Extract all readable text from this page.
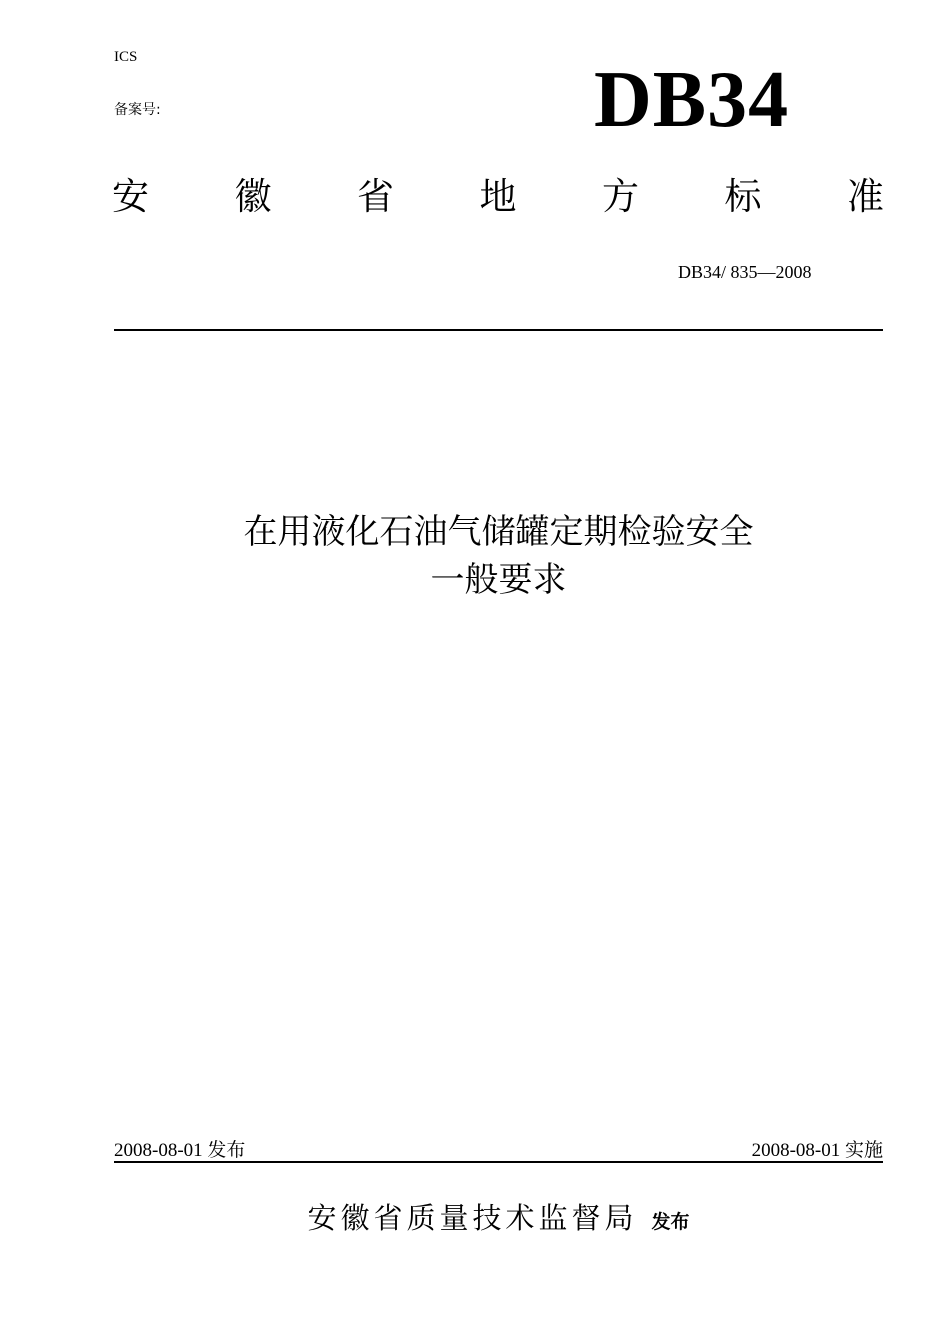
ICS
备案号:	DB34
安 徽 省 地 方 标 准
DB34/ 835—2008
在用液化石油气储罐定期检验安全
一般要求
2008-08-01 发布	2008-08-01 实施
安徽省质量技术监督局 发布
